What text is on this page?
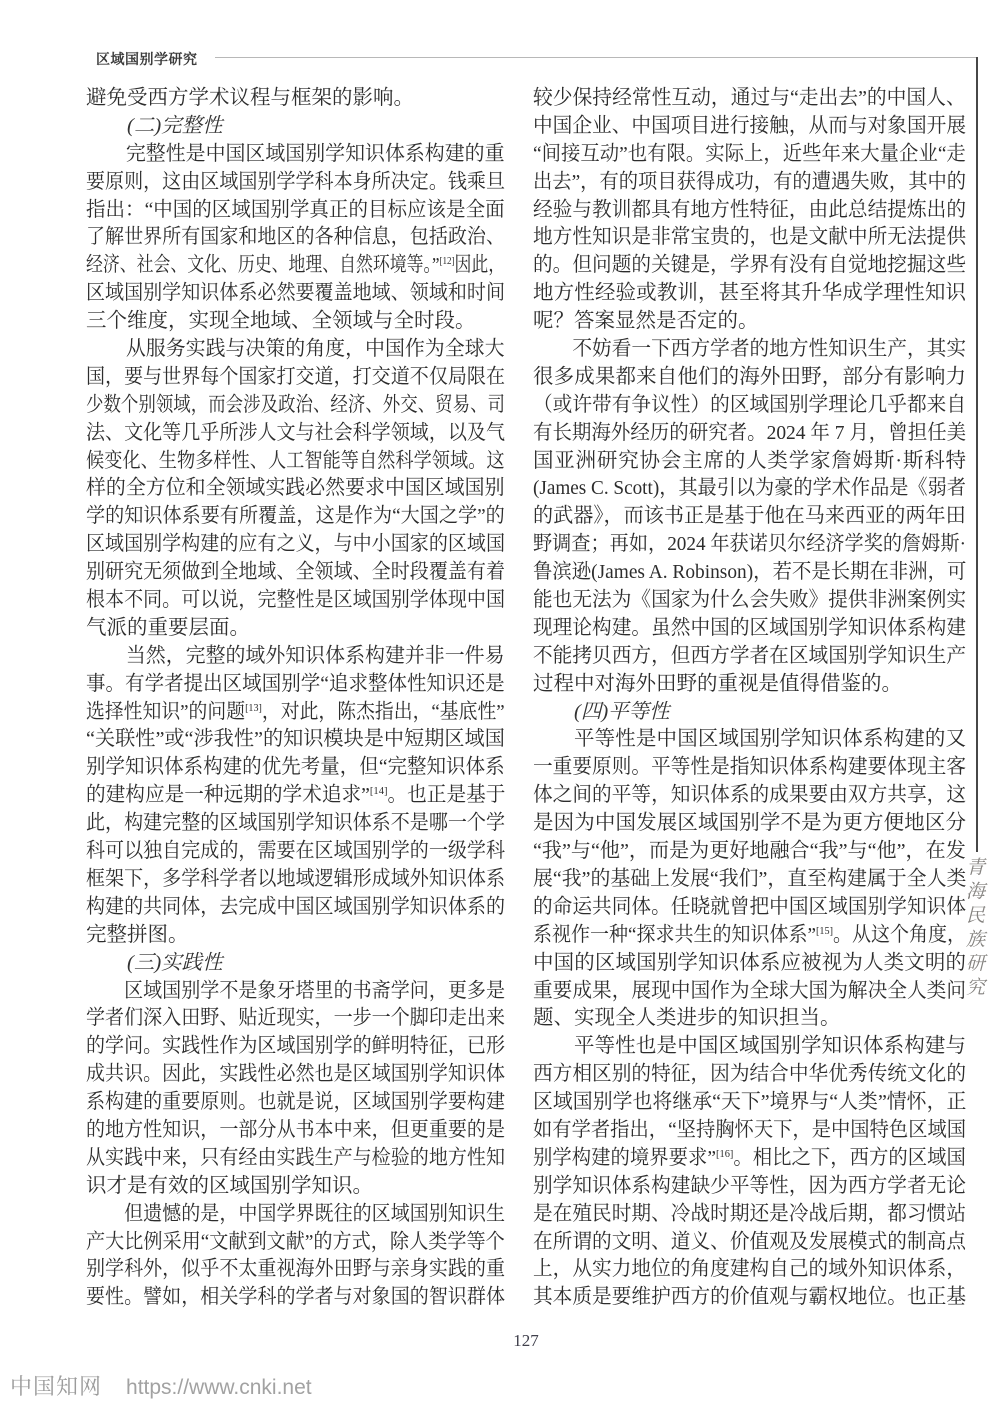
区域国别学研究
青海民族研究
避免受西方学术议程与框架的影响。
(二)完整性
完整性是中国区域国别学知识体系构建的重
要原则，这由区域国别学学科本身所决定。钱乘旦
指出：“中国的区域国别学真正的目标应该是全面
了解世界所有国家和地区的各种信息，包括政治、
经济、社会、文化、历史、地理、自然环境等。”[12]因此，
区域国别学知识体系必然要覆盖地域、领域和时间
三个维度，实现全地域、全领域与全时段。
从服务实践与决策的角度，中国作为全球大
国，要与世界每个国家打交道，打交道不仅局限在
少数个别领域，而会涉及政治、经济、外交、贸易、司
法、文化等几乎所涉人文与社会科学领域，以及气
候变化、生物多样性、人工智能等自然科学领域。这
样的全方位和全领域实践必然要求中国区域国别
学的知识体系要有所覆盖，这是作为“大国之学”的
区域国别学构建的应有之义，与中小国家的区域国
别研究无须做到全地域、全领域、全时段覆盖有着
根本不同。可以说，完整性是区域国别学体现中国
气派的重要层面。
当然，完整的域外知识体系构建并非一件易
事。有学者提出区域国别学“追求整体性知识还是
选择性知识”的问题[13]，对此，陈杰指出，“基底性”
“关联性”或“涉我性”的知识模块是中短期区域国
别学知识体系构建的优先考量，但“完整知识体系
的建构应是一种远期的学术追求”[14]。也正是基于
此，构建完整的区域国别学知识体系不是哪一个学
科可以独自完成的，需要在区域国别学的一级学科
框架下，多学科学者以地域逻辑形成域外知识体系
构建的共同体，去完成中国区域国别学知识体系的
完整拼图。
(三)实践性
区域国别学不是象牙塔里的书斋学问，更多是
学者们深入田野、贴近现实，一步一个脚印走出来
的学问。实践性作为区域国别学的鲜明特征，已形
成共识。因此，实践性必然也是区域国别学知识体
系构建的重要原则。也就是说，区域国别学要构建
的地方性知识，一部分从书本中来，但更重要的是
从实践中来，只有经由实践生产与检验的地方性知
识才是有效的区域国别学知识。
但遗憾的是，中国学界既往的区域国别知识生
产大比例采用“文献到文献”的方式，除人类学等个
别学科外，似乎不太重视海外田野与亲身实践的重
要性。譬如，相关学科的学者与对象国的智识群体
较少保持经常性互动，通过与“走出去”的中国人、
中国企业、中国项目进行接触，从而与对象国开展
“间接互动”也有限。实际上，近些年来大量企业“走
出去”，有的项目获得成功，有的遭遇失败，其中的
经验与教训都具有地方性特征，由此总结提炼出的
地方性知识是非常宝贵的，也是文献中所无法提供
的。但问题的关键是，学界有没有自觉地挖掘这些
地方性经验或教训，甚至将其升华成学理性知识
呢？答案显然是否定的。
不妨看一下西方学者的地方性知识生产，其实
很多成果都来自他们的海外田野，部分有影响力
（或许带有争议性）的区域国别学理论几乎都来自
有长期海外经历的研究者。2024 年 7 月，曾担任美
国亚洲研究协会主席的人类学家詹姆斯·斯科特
(James C. Scott)，其最引以为豪的学术作品是《弱者
的武器》，而该书正是基于他在马来西亚的两年田
野调查；再如，2024 年获诺贝尔经济学奖的詹姆斯·
鲁滨逊(James A. Robinson)，若不是长期在非洲，可
能也无法为《国家为什么会失败》提供非洲案例实
现理论构建。虽然中国的区域国别学知识体系构建
不能拷贝西方，但西方学者在区域国别学知识生产
过程中对海外田野的重视是值得借鉴的。
(四)平等性
平等性是中国区域国别学知识体系构建的又
一重要原则。平等性是指知识体系构建要体现主客
体之间的平等，知识体系的成果要由双方共享，这
是因为中国发展区域国别学不是为更方便地区分
“我”与“他”，而是为更好地融合“我”与“他”，在发
展“我”的基础上发展“我们”，直至构建属于全人类
的命运共同体。任晓就曾把中国区域国别学知识体
系视作一种“探求共生的知识体系”[15]。从这个角度，
中国的区域国别学知识体系应被视为人类文明的
重要成果，展现中国作为全球大国为解决全人类问
题、实现全人类进步的知识担当。
平等性也是中国区域国别学知识体系构建与
西方相区别的特征，因为结合中华优秀传统文化的
区域国别学也将继承“天下”境界与“人类”情怀，正
如有学者指出，“坚持胸怀天下，是中国特色区域国
别学构建的境界要求”[16]。相比之下，西方的区域国
别学知识体系构建缺少平等性，因为西方学者无论
是在殖民时期、冷战时期还是冷战后期，都习惯站
在所谓的文明、道义、价值观及发展模式的制高点
上，从实力地位的角度建构自己的域外知识体系，
其本质是要维护西方的价值观与霸权地位。也正基
127
中国知网 https://www.cnki.net
